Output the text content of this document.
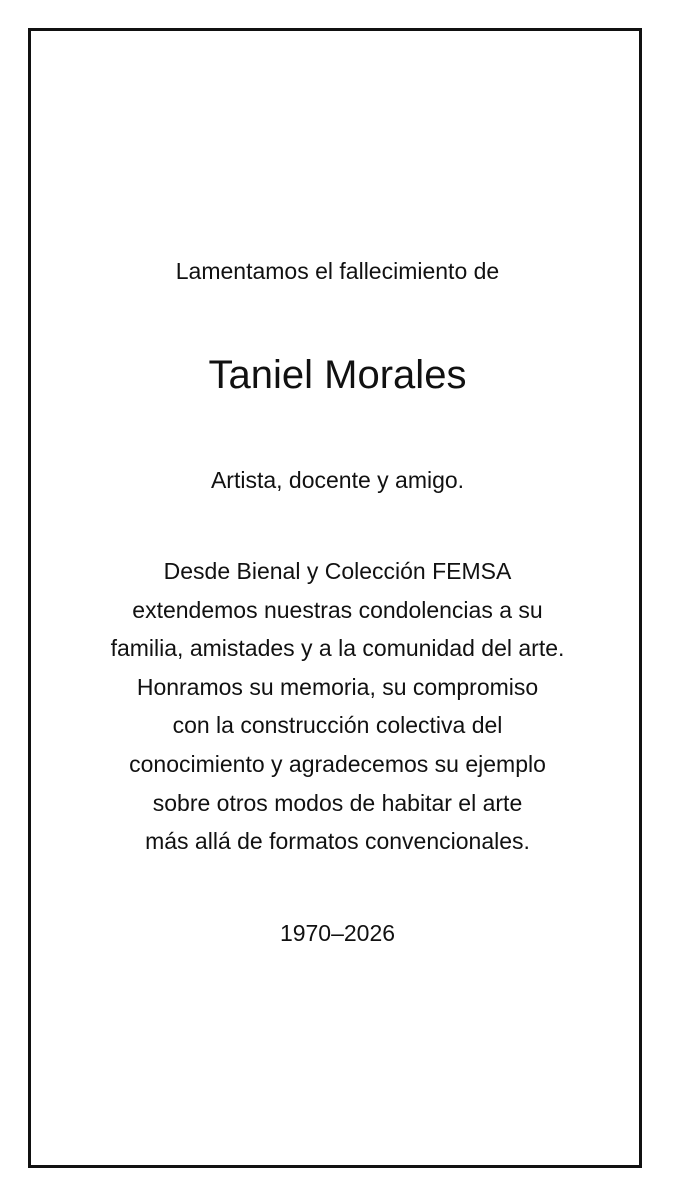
Lamentamos el fallecimiento de

Taniel Morales

Artista, docente y amigo.

Desde Bienal y Colección FEMSA
extendemos nuestras condolencias a su
familia, amistades y a la comunidad del arte.
Honramos su memoria, su compromiso
con la construcción colectiva del
conocimiento y agradecemos su ejemplo
sobre otros modos de habitar el arte
más allá de formatos convencionales.

1970–2026
